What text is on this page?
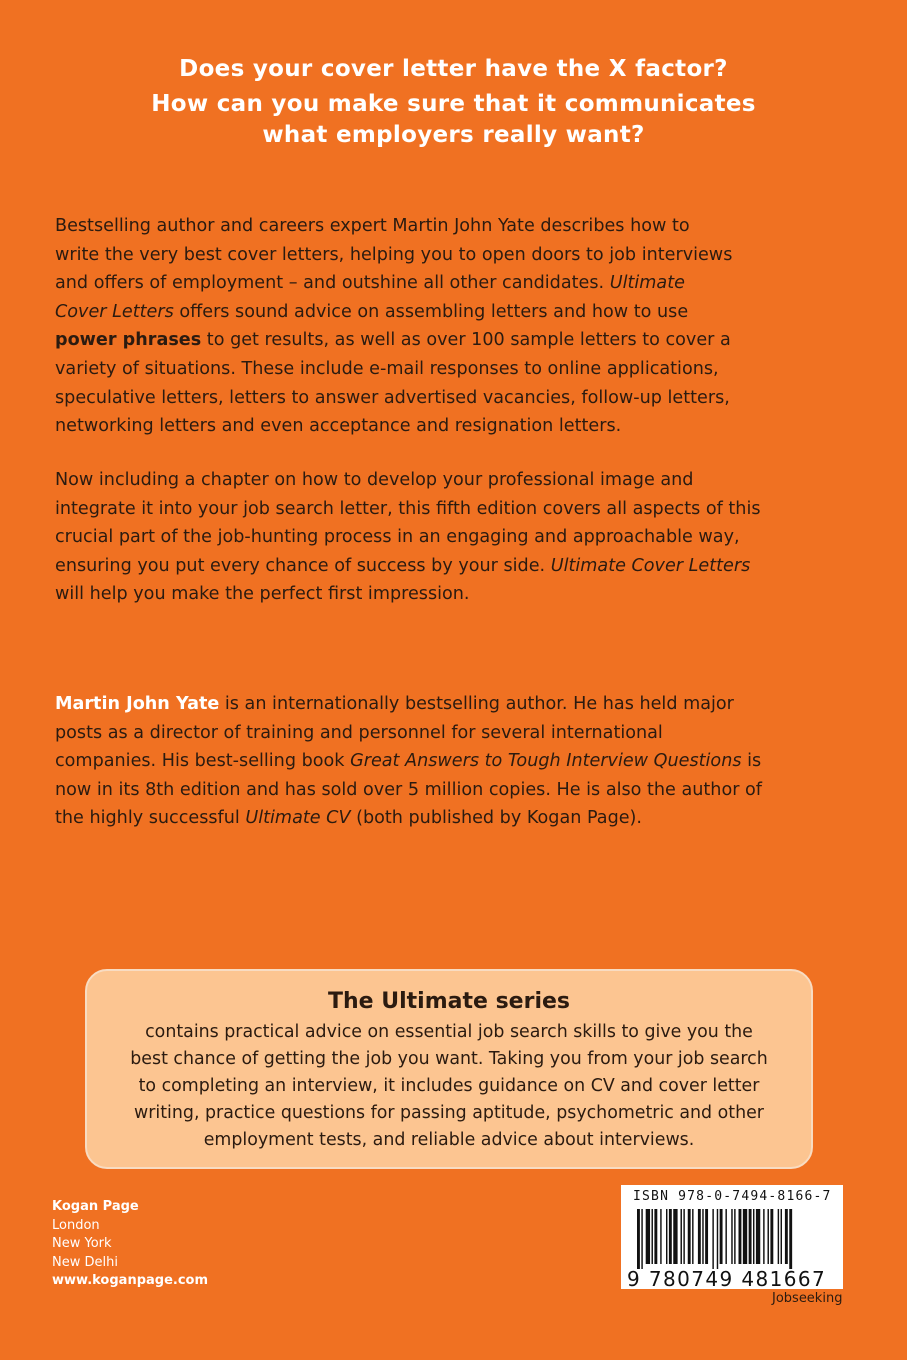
Does your cover letter have the X factor?
How can you make sure that it communicates
what employers really want?
Bestselling author and careers expert Martin John Yate describes how to
write the very best cover letters, helping you to open doors to job interviews
and offers of employment – and outshine all other candidates. Ultimate
Cover Letters offers sound advice on assembling letters and how to use
power phrases to get results, as well as over 100 sample letters to cover a
variety of situations. These include e-mail responses to online applications,
speculative letters, letters to answer advertised vacancies, follow-up letters,
networking letters and even acceptance and resignation letters.
Now including a chapter on how to develop your professional image and
integrate it into your job search letter, this fifth edition covers all aspects of this
crucial part of the job-hunting process in an engaging and approachable way,
ensuring you put every chance of success by your side. Ultimate Cover Letters
will help you make the perfect first impression.
Martin John Yate is an internationally bestselling author. He has held major
posts as a director of training and personnel for several international
companies. His best-selling book Great Answers to Tough Interview Questions is
now in its 8th edition and has sold over 5 million copies. He is also the author of
the highly successful Ultimate CV (both published by Kogan Page).
The Ultimate series
contains practical advice on essential job search skills to give you the
best chance of getting the job you want. Taking you from your job search
to completing an interview, it includes guidance on CV and cover letter
writing, practice questions for passing aptitude, psychometric and other
employment tests, and reliable advice about interviews.
Kogan Page
London
New York
New Delhi
www.koganpage.com
ISBN 978-0-7494-8166-7
9 780749 481667
Jobseeking
